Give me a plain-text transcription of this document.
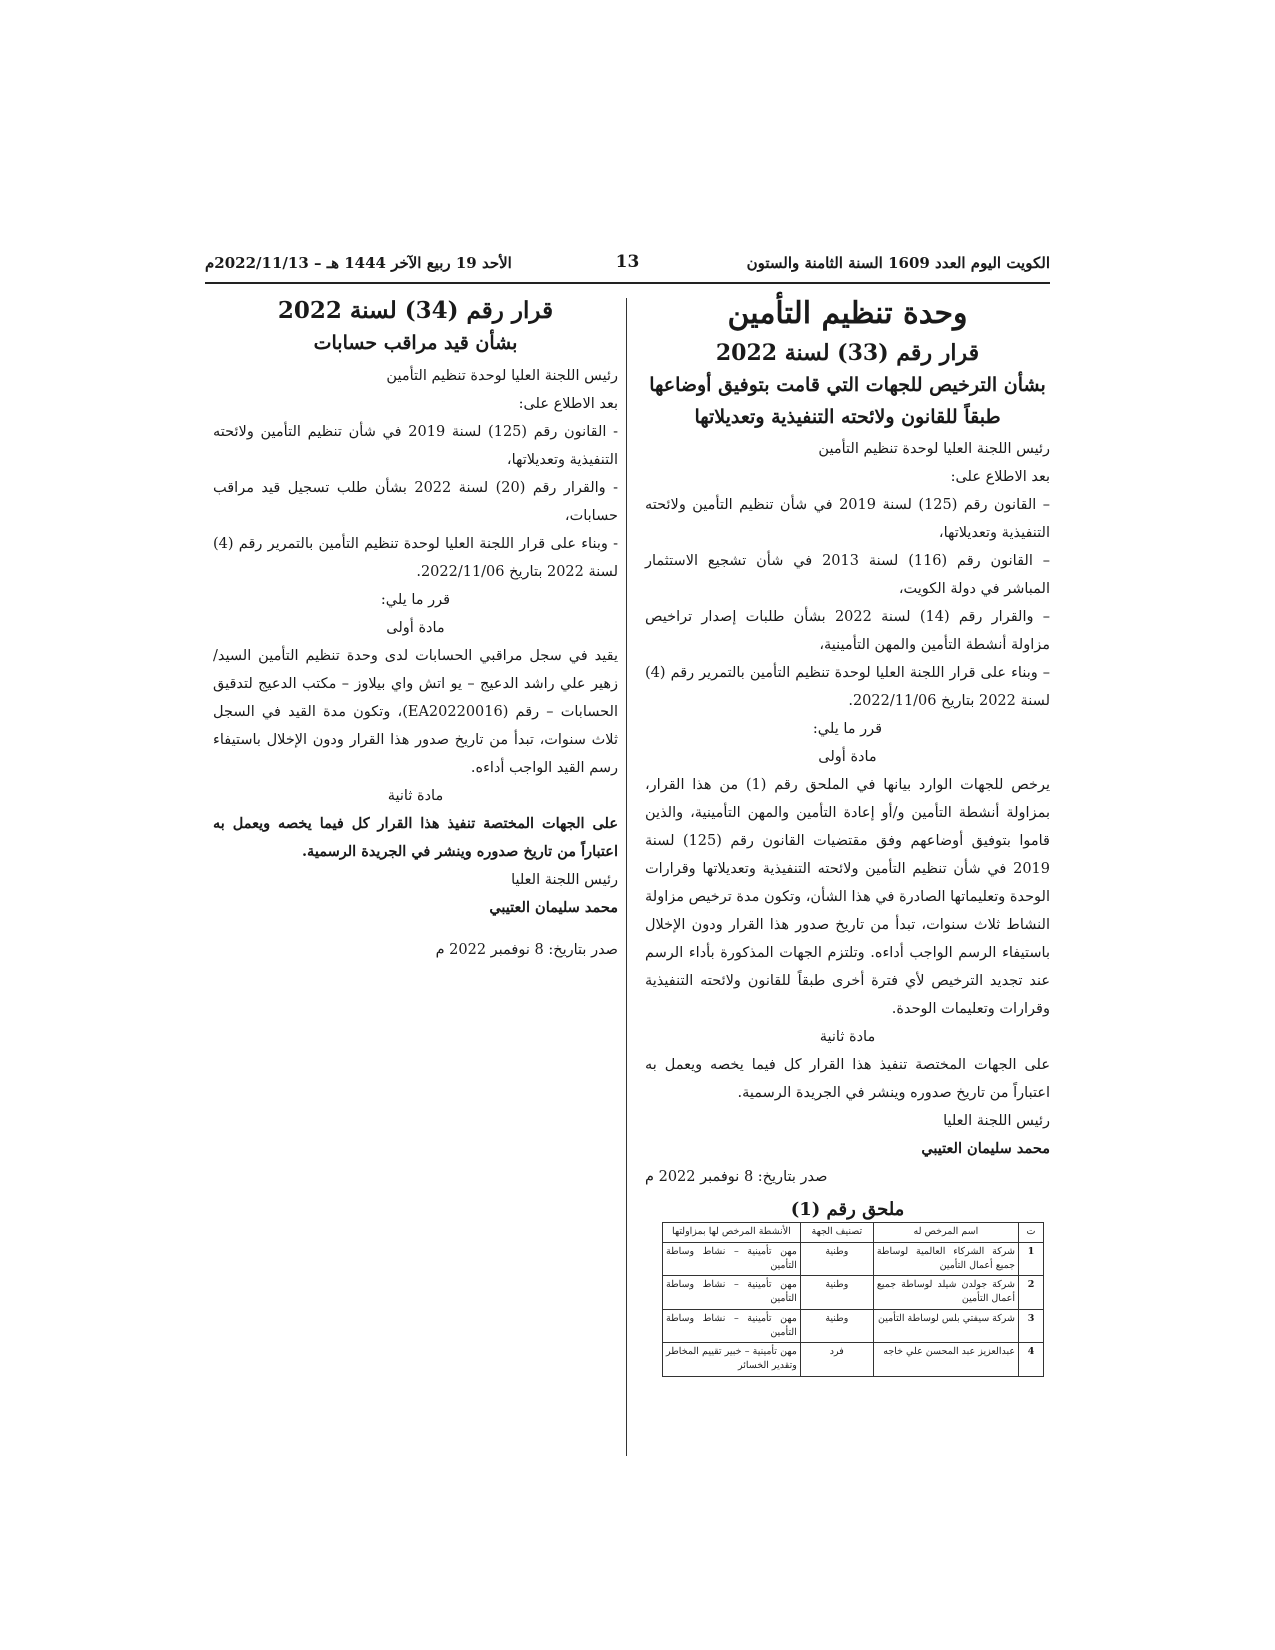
الكويت اليوم العدد 1609 السنة الثامنة والستون
13
الأحد 19 ربيع الآخر 1444 هـ – 2022/11/13م
وحدة تنظيم التأمين
قرار رقم (33) لسنة 2022
بشأن الترخيص للجهات التي قامت بتوفيق أوضاعها
طبقاً للقانون ولائحته التنفيذية وتعديلاتها

رئيس اللجنة العليا لوحدة تنظيم التأمين

بعد الاطلاع على:

– القانون رقم (125) لسنة 2019 في شأن تنظيم التأمين ولائحته التنفيذية وتعديلاتها،

– القانون رقم (116) لسنة 2013 في شأن تشجيع الاستثمار المباشر في دولة الكويت،

– والقرار رقم (14) لسنة 2022 بشأن طلبات إصدار تراخيص مزاولة أنشطة التأمين والمهن التأمينية،

– وبناء على قرار اللجنة العليا لوحدة تنظيم التأمين بالتمرير رقم (4) لسنة 2022 بتاريخ 2022/11/06.

قرر ما يلي:

مادة أولى

يرخص للجهات الوارد بيانها في الملحق رقم (1) من هذا القرار، بمزاولة أنشطة التأمين و/أو إعادة التأمين والمهن التأمينية، والذين قاموا بتوفيق أوضاعهم وفق مقتضيات القانون رقم (125) لسنة 2019 في شأن تنظيم التأمين ولائحته التنفيذية وتعديلاتها وقرارات الوحدة وتعليماتها الصادرة في هذا الشأن، وتكون مدة ترخيص مزاولة النشاط ثلاث سنوات، تبدأ من تاريخ صدور هذا القرار ودون الإخلال باستيفاء الرسم الواجب أداءه. وتلتزم الجهات المذكورة بأداء الرسم عند تجديد الترخيص لأي فترة أخرى طبقاً للقانون ولائحته التنفيذية وقرارات وتعليمات الوحدة.

مادة ثانية

على الجهات المختصة تنفيذ هذا القرار كل فيما يخصه ويعمل به اعتباراً من تاريخ صدوره وينشر في الجريدة الرسمية.

رئيس اللجنة العليا

محمد سليمان العتيبي

صدر بتاريخ: 8 نوفمبر 2022 م

ملحق رقم (1)
ت	اسم المرخص له	تصنيف الجهة	الأنشطة المرخص لها بمزاولتها
1	شركة الشركاء العالمية لوساطة جميع أعمال التأمين	وطنية	مهن تأمينية – نشاط وساطة التأمين
2	شركة جولدن شيلد لوساطة جميع أعمال التأمين	وطنية	مهن تأمينية – نشاط وساطة التأمين
3	شركة سيفتي بلس لوساطة التأمين	وطنية	مهن تأمينية – نشاط وساطة التأمين
4	عبدالعزيز عبد المحسن علي خاجه	فرد	مهن تأمينية – خبير تقييم المخاطر وتقدير الخسائر
قرار رقم (34) لسنة 2022
بشأن قيد مراقب حسابات

رئيس اللجنة العليا لوحدة تنظيم التأمين

بعد الاطلاع على:

- القانون رقم (125) لسنة 2019 في شأن تنظيم التأمين ولائحته التنفيذية وتعديلاتها،

- والقرار رقم (20) لسنة 2022 بشأن طلب تسجيل قيد مراقب حسابات،

- وبناء على قرار اللجنة العليا لوحدة تنظيم التأمين بالتمرير رقم (4) لسنة 2022 بتاريخ 2022/11/06.

قرر ما يلي:

مادة أولى

يقيد في سجل مراقبي الحسابات لدى وحدة تنظيم التأمين السيد/ زهير علي راشد الدعيج – يو اتش واي بيلاوز – مكتب الدعيج لتدقيق الحسابات – رقم (EA20220016)، وتكون مدة القيد في السجل ثلاث سنوات، تبدأ من تاريخ صدور هذا القرار ودون الإخلال باستيفاء رسم القيد الواجب أداءه.

مادة ثانية

على الجهات المختصة تنفيذ هذا القرار كل فيما يخصه ويعمل به اعتباراً من تاريخ صدوره وينشر في الجريدة الرسمية.

رئيس اللجنة العليا

محمد سليمان العتيبي

صدر بتاريخ: 8 نوفمبر 2022 م
